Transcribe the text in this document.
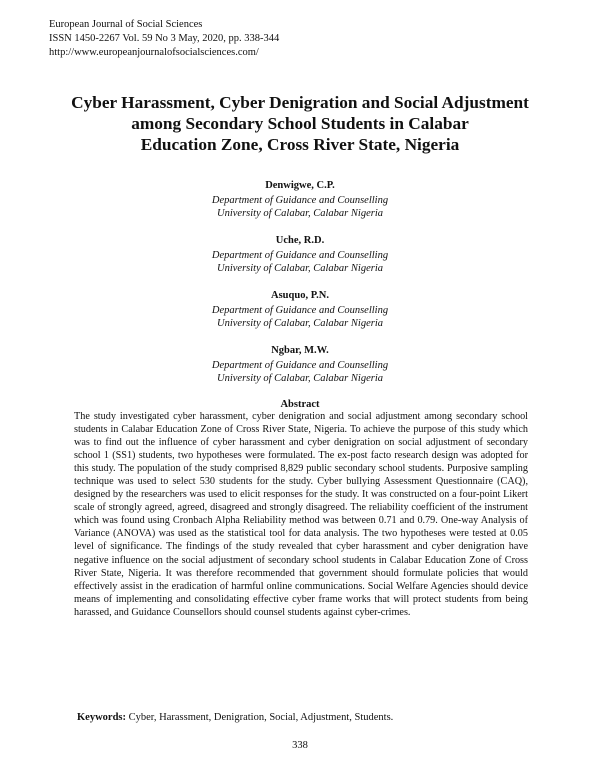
European Journal of Social Sciences
ISSN 1450-2267 Vol. 59 No 3 May, 2020, pp. 338-344
http://www.europeanjournalofsocialsciences.com/
Cyber Harassment, Cyber Denigration and Social Adjustment
among Secondary School Students in Calabar
Education Zone, Cross River State, Nigeria
Denwigwe, C.P.
Department of Guidance and Counselling
University of Calabar, Calabar Nigeria
Uche, R.D.
Department of Guidance and Counselling
University of Calabar, Calabar Nigeria
Asuquo, P.N.
Department of Guidance and Counselling
University of Calabar, Calabar Nigeria
Ngbar, M.W.
Department of Guidance and Counselling
University of Calabar, Calabar Nigeria
Abstract
The study investigated cyber harassment, cyber denigration and social adjustment among secondary school students in Calabar Education Zone of Cross River State, Nigeria. To achieve the purpose of this study which was to find out the influence of cyber harassment and cyber denigration on social adjustment of secondary school 1 (SS1) students, two hypotheses were formulated. The ex-post facto research design was adopted for this study. The population of the study comprised 8,829 public secondary school students. Purposive sampling technique was used to select 530 students for the study. Cyber bullying Assessment Questionnaire (CAQ), designed by the researchers was used to elicit responses for the study. It was constructed on a four-point Likert scale of strongly agreed, agreed, disagreed and strongly disagreed. The reliability coefficient of the instrument which was found using Cronbach Alpha Reliability method was between 0.71 and 0.79. One-way Analysis of Variance (ANOVA) was used as the statistical tool for data analysis. The two hypotheses were tested at 0.05 level of significance. The findings of the study revealed that cyber harassment and cyber denigration have negative influence on the social adjustment of secondary school students in Calabar Education Zone of Cross River State, Nigeria. It was therefore recommended that government should formulate policies that would effectively assist in the eradication of harmful online communications. Social Welfare Agencies should device means of implementing and consolidating effective cyber frame works that will protect students from being harassed, and Guidance Counsellors should counsel students against cyber-crimes.
Keywords: Cyber, Harassment, Denigration, Social, Adjustment, Students.
338
